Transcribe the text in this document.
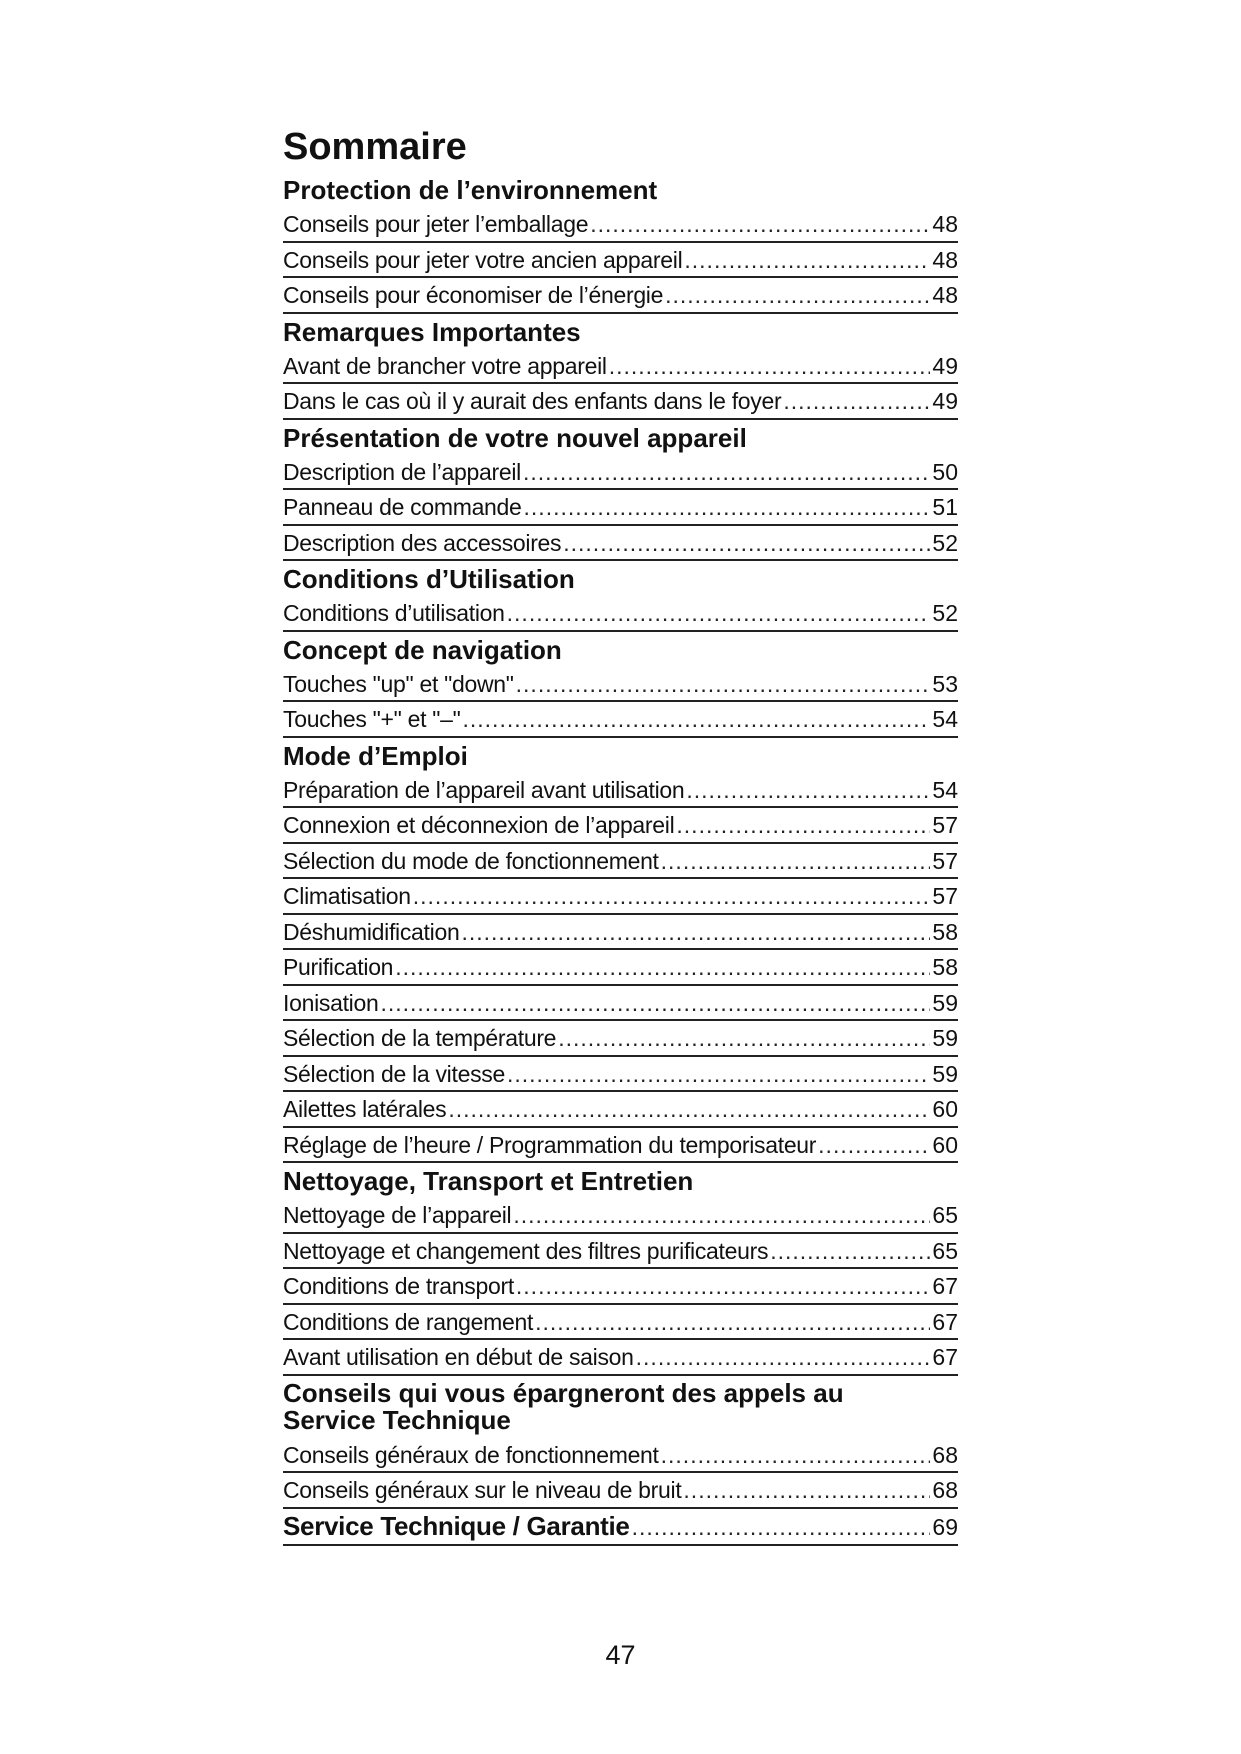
Sommaire
Protection de l’environnement
Conseils pour jeter l’emballage .....	48
Conseils pour jeter votre ancien appareil .....	48
Conseils pour économiser de l’énergie .....	48
Remarques Importantes
Avant de brancher votre appareil .....	49
Dans le cas où il y aurait des enfants dans le foyer .....	49
Présentation de votre nouvel appareil
Description de l’appareil .....	50
Panneau de commande .....	51
Description des accessoires .....	52
Conditions d’Utilisation
Conditions d’utilisation .....	52
Concept de navigation
Touches "up" et "down" .....	53
Touches "+" et "–" .....	54
Mode d’Emploi
Préparation de l’appareil avant utilisation .....	54
Connexion et déconnexion de l’appareil .....	57
Sélection du mode de fonctionnement .....	57
Climatisation .....	57
Déshumidification .....	58
Purification .....	58
Ionisation .....	59
Sélection de la température .....	59
Sélection de la vitesse .....	59
Ailettes latérales .....	60
Réglage de l’heure / Programmation du temporisateur .....	60
Nettoyage, Transport et Entretien
Nettoyage de l’appareil .....	65
Nettoyage et changement des filtres purificateurs .....	65
Conditions de transport .....	67
Conditions de rangement .....	67
Avant utilisation en début de saison .....	67
Conseils qui vous épargneront des appels au
Service Technique
Conseils généraux de fonctionnement .....	68
Conseils généraux sur le niveau de bruit .....	68
Service Technique / Garantie .....	69
47
